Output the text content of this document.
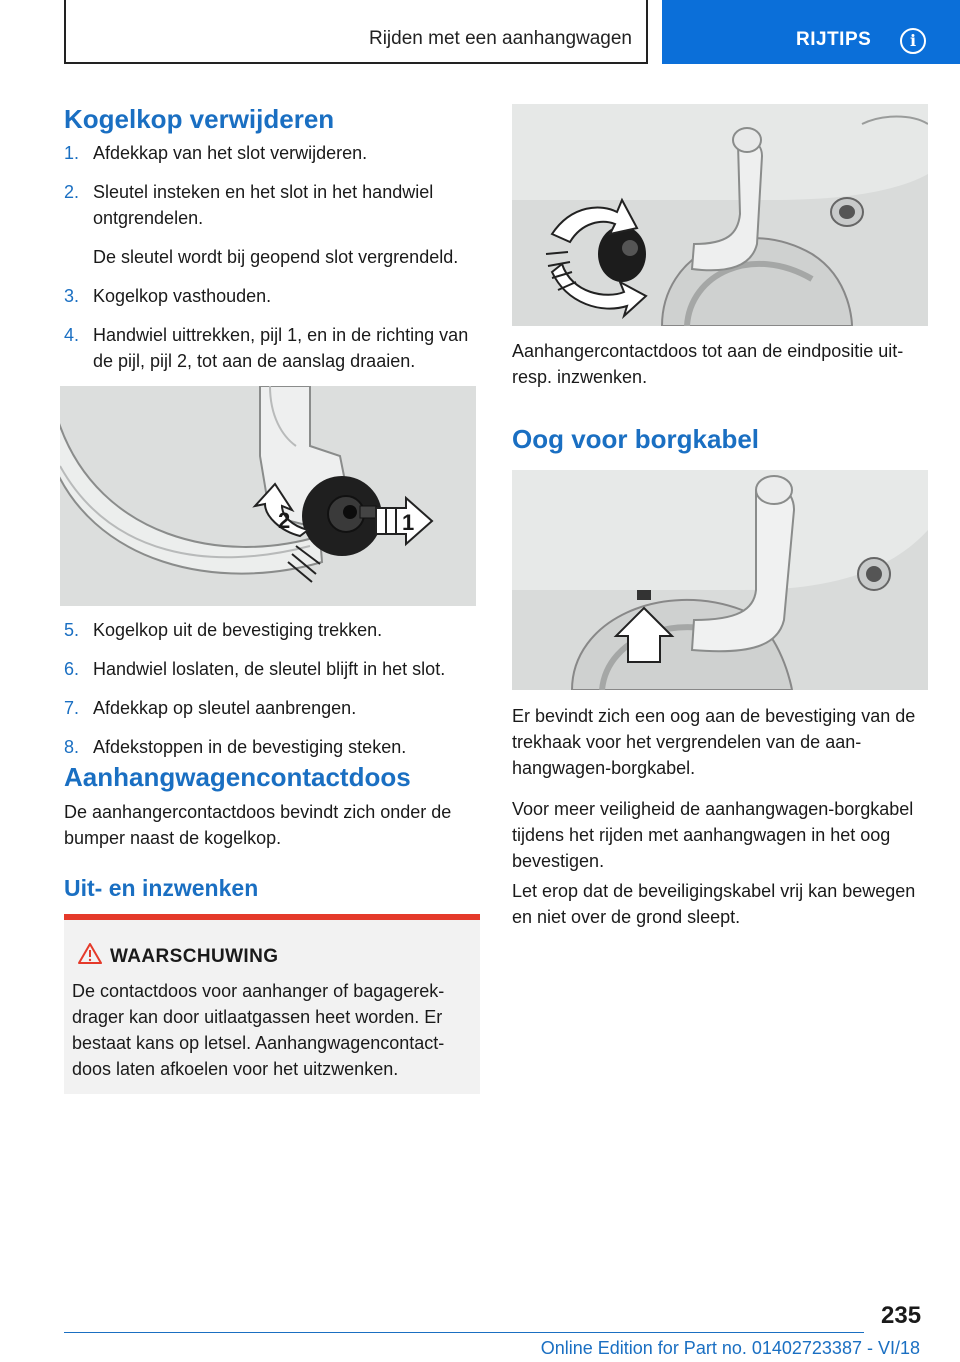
Rijden met een aanhangwagen	RIJTIPS	i
Kogelkop verwijderen
1. Afdekkap van het slot verwijderen.
2. Sleutel insteken en het slot in het handwiel ontgrendelen.
De sleutel wordt bij geopend slot vergrendeld.
3. Kogelkop vasthouden.
4. Handwiel uittrekken, pijl 1, en in de richting van de pijl, pijl 2, tot aan de aanslag draaien.
2	1
5. Kogelkop uit de bevestiging trekken.
6. Handwiel loslaten, de sleutel blijft in het slot.
7. Afdekkap op sleutel aanbrengen.
8. Afdekstoppen in de bevestiging steken.
Aanhangwagencontactdoos
De aanhangercontactdoos bevindt zich onder de bumper naast de kogelkop.
Uit- en inzwenken
WAARSCHUWING
De contactdoos voor aanhanger of bagagerekdrager kan door uitlaatgassen heet worden. Er bestaat kans op letsel. Aanhangwagencontactdoos laten afkoelen voor het uitzwenken.
Aanhangercontactdoos tot aan de eindpositie uit- resp. inzwenken.
Oog voor borgkabel
Er bevindt zich een oog aan de bevestiging van de trekhaak voor het vergrendelen van de aanhangwagen-borgkabel.
Voor meer veiligheid de aanhangwagen-borgkabel tijdens het rijden met aanhangwagen in het oog bevestigen.
Let erop dat de beveiligingskabel vrij kan bewegen en niet over de grond sleept.
235
Online Edition for Part no. 01402723387 - VI/18
